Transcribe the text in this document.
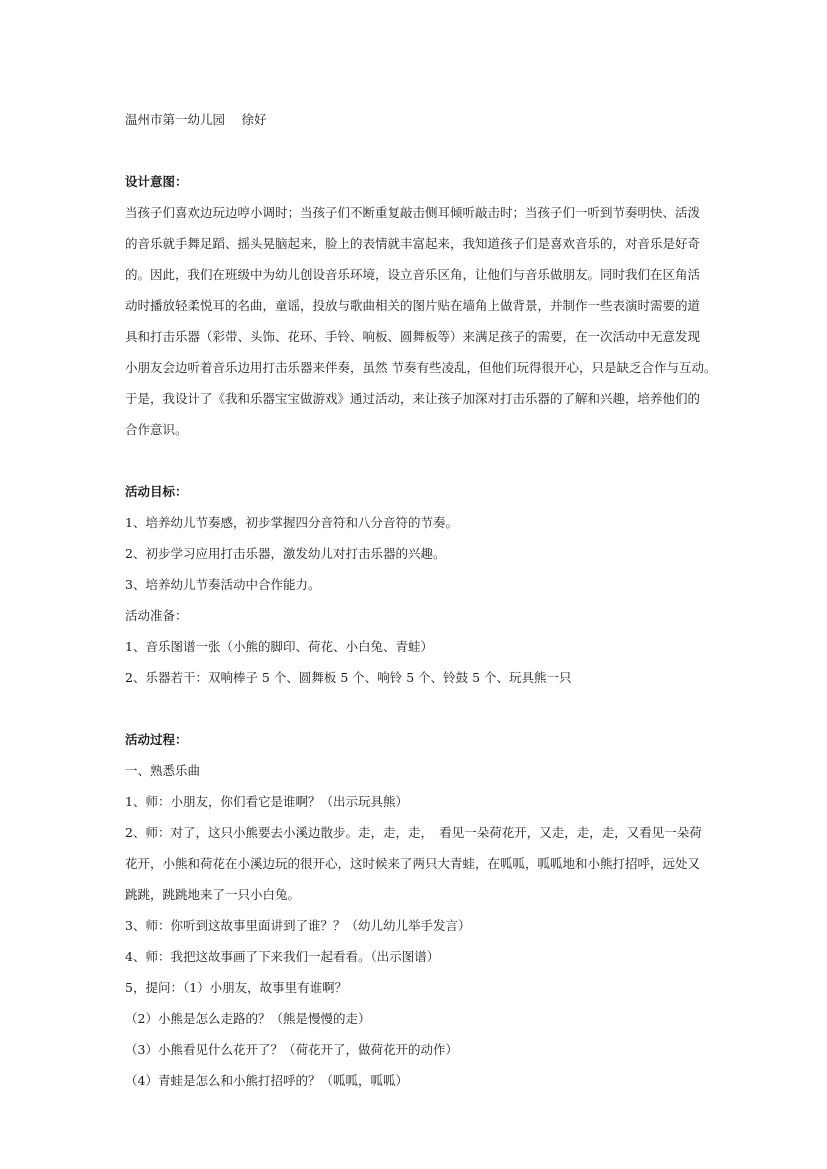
温州市第一幼儿园　 徐好

设计意图：

当孩子们喜欢边玩边哼小调时；当孩子们不断重复敲击侧耳倾听敲击时；当孩子们一听到节奏明快、活泼

的音乐就手舞足蹈、摇头晃脑起来，脸上的表情就丰富起来，我知道孩子们是喜欢音乐的，对音乐是好奇

的。因此，我们在班级中为幼儿创设音乐环境，设立音乐区角，让他们与音乐做朋友。同时我们在区角活

动时播放轻柔悦耳的名曲，童谣，投放与歌曲相关的图片贴在墙角上做背景，并制作一些表演时需要的道

具和打击乐器（彩带、头饰、花环、手铃、响板、圆舞板等）来满足孩子的需要，在一次活动中无意发现

小朋友会边听着音乐边用打击乐器来伴奏，虽然 节奏有些凌乱，但他们玩得很开心，只是缺乏合作与互动。

于是，我设计了《我和乐器宝宝做游戏》通过活动，来让孩子加深对打击乐器的了解和兴趣，培养他们的

合作意识。

活动目标：

1、培养幼儿节奏感，初步掌握四分音符和八分音符的节奏。

2、初步学习应用打击乐器，激发幼儿对打击乐器的兴趣。

3、培养幼儿节奏活动中合作能力。

活动准备：

1、音乐图谱一张（小熊的脚印、荷花、小白兔、青蛙）

2、乐器若干：双响棒子 5 个、圆舞板 5 个、响铃 5 个、铃鼓 5 个、玩具熊一只

活动过程：

一、熟悉乐曲

1、师：小朋友，你们看它是谁啊？（出示玩具熊）

2、师：对了，这只小熊要去小溪边散步。走，走，走，　看见一朵荷花开，又走，走，走，又看见一朵荷

花开，小熊和荷花在小溪边玩的很开心，这时候来了两只大青蛙，在呱呱，呱呱地和小熊打招呼，远处又

跳跳，跳跳地来了一只小白兔。

3、师：你听到这故事里面讲到了谁？？（幼儿幼儿举手发言）

4、师：我把这故事画了下来我们一起看看。（出示图谱）

5，提问：（1）小朋友，故事里有谁啊？

（2）小熊是怎么走路的？（熊是慢慢的走）

（3）小熊看见什么花开了？（荷花开了，做荷花开的动作）

（4）青蛙是怎么和小熊打招呼的？（呱呱，呱呱）
